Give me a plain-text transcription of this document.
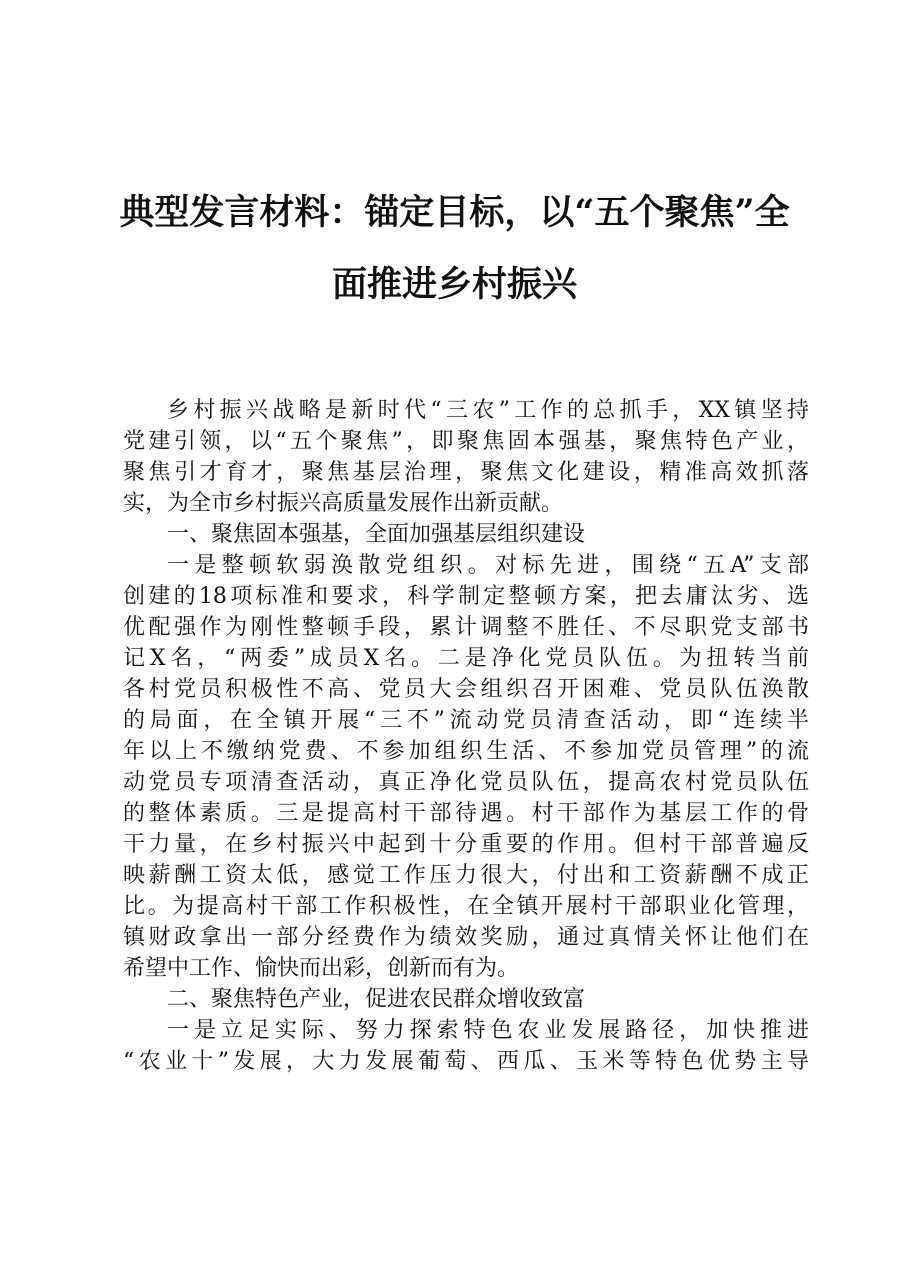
典型发言材料：锚定目标，以“五个聚焦”全
面推进乡村振兴

乡村振兴战略是新时代“三农”工作的总抓手，XX镇坚持
党建引领，以“五个聚焦”，即聚焦固本强基，聚焦特色产业，
聚焦引才育才，聚焦基层治理，聚焦文化建设，精准高效抓落
实，为全市乡村振兴高质量发展作出新贡献。

一、聚焦固本强基，全面加强基层组织建设

一是整顿软弱涣散党组织。对标先进，围绕“五A”支部
创建的18项标准和要求，科学制定整顿方案，把去庸汰劣、选
优配强作为刚性整顿手段，累计调整不胜任、不尽职党支部书
记X名，“两委”成员X名。二是净化党员队伍。为扭转当前
各村党员积极性不高、党员大会组织召开困难、党员队伍涣散
的局面，在全镇开展“三不”流动党员清查活动，即“连续半
年以上不缴纳党费、不参加组织生活、不参加党员管理”的流
动党员专项清查活动，真正净化党员队伍，提高农村党员队伍
的整体素质。三是提高村干部待遇。村干部作为基层工作的骨
干力量，在乡村振兴中起到十分重要的作用。但村干部普遍反
映薪酬工资太低，感觉工作压力很大，付出和工资薪酬不成正
比。为提高村干部工作积极性，在全镇开展村干部职业化管理，
镇财政拿出一部分经费作为绩效奖励，通过真情关怀让他们在
希望中工作、愉快而出彩，创新而有为。

二、聚焦特色产业，促进农民群众增收致富

一是立足实际、努力探索特色农业发展路径，加快推进
“农业十”发展，大力发展葡萄、西瓜、玉米等特色优势主导
